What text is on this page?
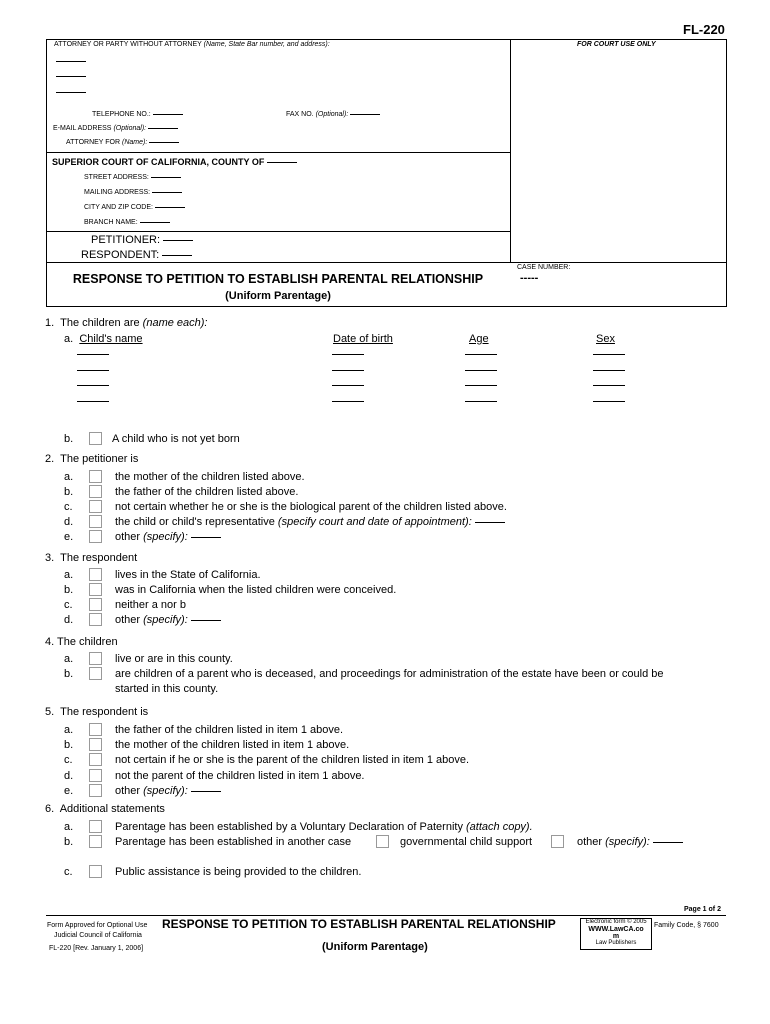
FL-220
ATTORNEY OR PARTY WITHOUT ATTORNEY (Name, State Bar number, and address):	FOR COURT USE ONLY
TELEPHONE NO.:	FAX NO. (Optional):
E-MAIL ADDRESS (Optional):
ATTORNEY FOR (Name):
SUPERIOR COURT OF CALIFORNIA, COUNTY OF
STREET ADDRESS:
MAILING ADDRESS:
CITY AND ZIP CODE:
BRANCH NAME:
PETITIONER:
RESPONDENT:
CASE NUMBER:
-----
RESPONSE TO PETITION TO ESTABLISH PARENTAL RELATIONSHIP
(Uniform Parentage)
1. The children are (name each):
a. Child's name	Date of birth	Age	Sex
b.	A child who is not yet born
2. The petitioner is
a.	the mother of the children listed above.
b.	the father of the children listed above.
c.	not certain whether he or she is the biological parent of the children listed above.
d.	the child or child's representative (specify court and date of appointment):
e.	other (specify):
3. The respondent
a.	lives in the State of California.
b.	was in California when the listed children were conceived.
c.	neither a nor b
d.	other (specify):
4. The children
a.	live or are in this county.
b.	are children of a parent who is deceased, and proceedings for administration of the estate have been or could be
started in this county.
5. The respondent is
a.	the father of the children listed in item 1 above.
b.	the mother of the children listed in item 1 above.
c.	not certain if he or she is the parent of the children listed in item 1 above.
d.	not the parent of the children listed in item 1 above.
e.	other (specify):
6. Additional statements
a.	Parentage has been established by a Voluntary Declaration of Paternity (attach copy).
b.	Parentage has been established in another case	governmental child support	other (specify):
c.	Public assistance is being provided to the children.
Page 1 of 2
Form Approved for Optional Use
Judicial Council of California
FL-220 [Rev. January 1, 2006]
RESPONSE TO PETITION TO ESTABLISH PARENTAL RELATIONSHIP
(Uniform Parentage)
Electronic form © 2005
WWW.LawCA.co
m
Law Publishers
Family Code, § 7600
